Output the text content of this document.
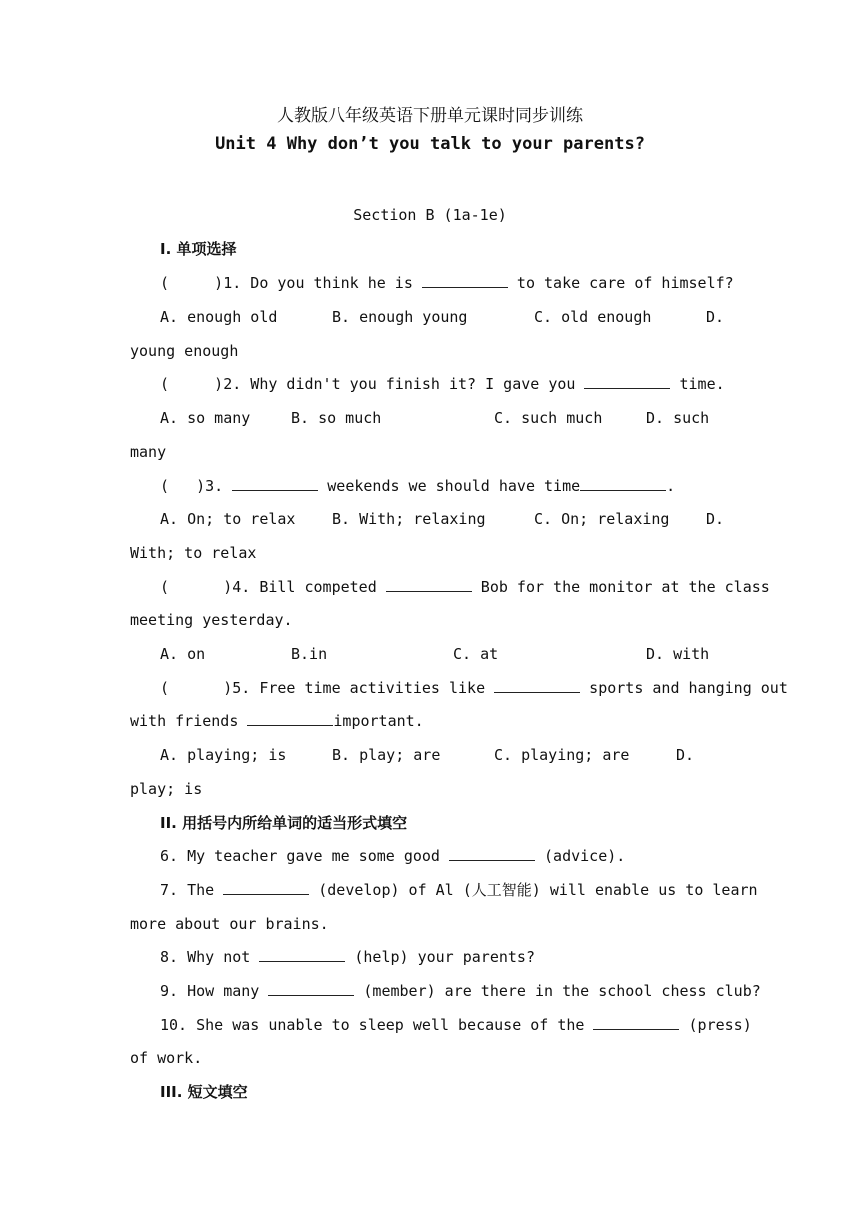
人教版八年级英语下册单元课时同步训练
Unit 4 Why don’t you talk to your parents?
Section B (1a-1e)
I. 单项选择
(     )1. Do you think he is	to take care of himself?
A. enough old	B. enough young	C. old enough	D.
young enough
(     )2. Why didn't you finish it? I gave you	time.
A. so many	B. so much	C. such much	D. such
many
(   )3.	weekends we should have time	.
A. On; to relax B. With; relaxing	C. On; relaxing D.
With; to relax
(      )4. Bill competed	Bob for the monitor at the class
meeting yesterday.
A. on	B.in	C. at	D. with
(      )5. Free time activities like	sports and hanging out
with friends	important.
A. playing; is	B. play; are	C. playing; are	D.
play; is
II. 用括号内所给单词的适当形式填空
6. My teacher gave me some good	(advice).
7. The	(develop) of Al (人工智能) will enable us to learn
more about our brains.
8. Why not	(help) your parents?
9. How many	(member) are there in the school chess club?
10. She was unable to sleep well because of the	(press)
of work.
III. 短文填空
